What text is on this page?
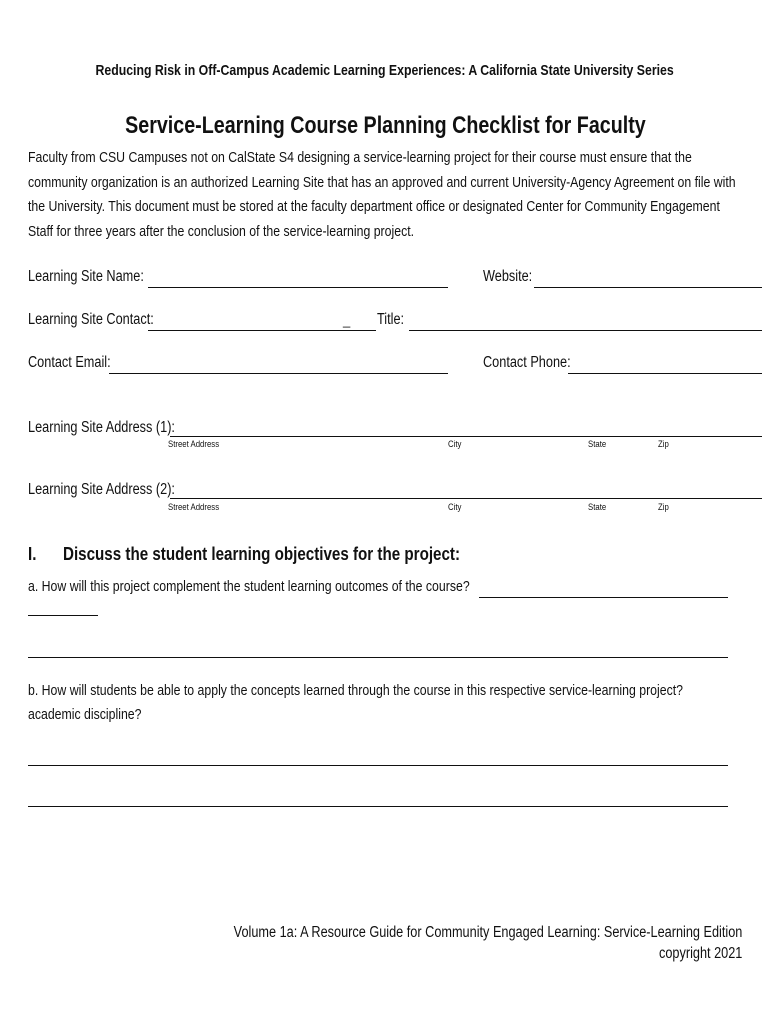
Reducing Risk in Off-Campus Academic Learning Experiences: A California State University Series
Service-Learning Course Planning Checklist for Faculty
Faculty from CSU Campuses not on CalState S4 designing a service-learning project for their course must ensure that the
community organization is an authorized Learning Site that has an approved and current University-Agency Agreement on file with
the University. This document must be stored at the faculty department office or designated Center for Community Engagement
Staff for three years after the conclusion of the service-learning project.
Learning Site Name:	Website:
Learning Site Contact:	_ Title:
Contact Email:	Contact Phone:
Learning Site Address (1):
Street Address	City	State	Zip
Learning Site Address (2):
Street Address	City	State	Zip
I. Discuss the student learning objectives for the project:
a. How will this project complement the student learning outcomes of the course?
b. How will students be able to apply the concepts learned through the course in this respective service-learning project?
academic discipline?
Volume 1a: A Resource Guide for Community Engaged Learning: Service-Learning Edition
copyright 2021
